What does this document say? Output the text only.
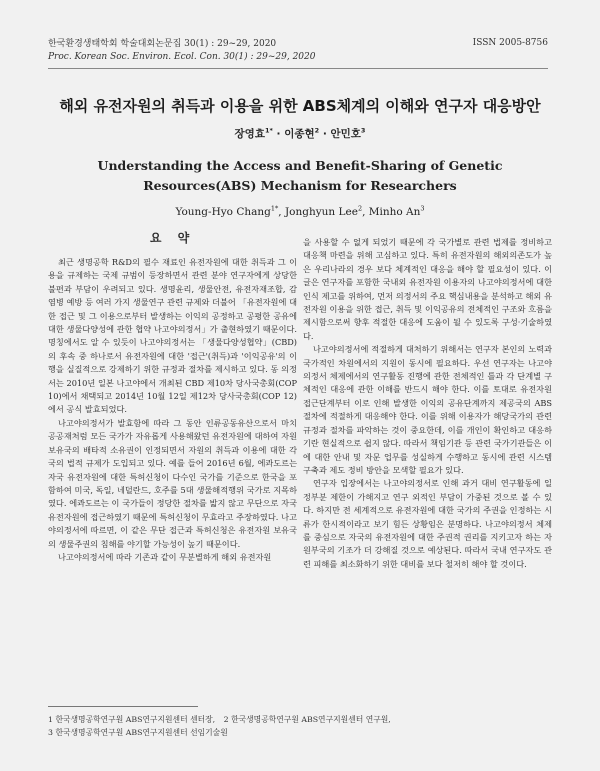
한국환경생태학회 학술대회논문집 30(1) : 29~29, 2020
Proc. Korean Soc. Environ. Ecol. Con. 30(1) : 29~29, 2020
ISSN 2005-8756
해외 유전자원의 취득과 이용을 위한 ABS체계의 이해와 연구자 대응방안
장영효$^{1*}$ · 이종현$^2$ · 안민호$^3$
Understanding the Access and Benefit-Sharing of Genetic Resources(ABS) Mechanism for Researchers
Young-Hyo Chang$^{1*}$, Jonghyun Lee$^2$, Minho An$^3$
요 약

최근 생명공학 R&D의 필수 재료인 유전자원에 대한 취득과 그 이용을 규제하는 국제 규범이 등장하면서 관련 분야 연구자에게 상당한 불편과 부담이 우려되고 있다. 생명윤리, 생물안전, 유전자재조합, 감염병 예방 등 여러 가지 생물연구 관련 규제와 더불어 「유전자원에 대한 접근 및 그 이용으로부터 발생하는 이익의 공정하고 공평한 공유에 대한 생물다양성에 관한 협약 나고야의정서」가 출현하였기 때문이다. 명칭에서도 알 수 있듯이 나고야의정서는 「생물다양성협약」(CBD)의 후속 중 하나로서 유전자원에 대한 '접근'(취득)과 '이익공유'의 이행을 실질적으로 강제하기 위한 규정과 절차를 제시하고 있다. 동 의정서는 2010년 일본 나고야에서 개최된 CBD 제10차 당사국총회(COP 10)에서 채택되고 2014년 10월 12일 제12차 당사국총회(COP 12)에서 공식 발효되었다.

나고야의정서가 발효함에 따라 그 동안 인류공동유산으로서 마치 공공재처럼 모든 국가가 자유롭게 사용해왔던 유전자원에 대하여 자원 보유국의 배타적 소유권이 인정되면서 자원의 취득과 이용에 대한 각국의 법적 규제가 도입되고 있다. 예를 들어 2016년 6월, 에콰도르는 자국 유전자원에 대한 특허신청이 다수인 국가를 기준으로 한국을 포함하여 미국, 독일, 네덜란드, 호주를 5대 생물해적행위 국가로 지목하였다. 에콰도르는 이 국가들이 정당한 절차를 밟지 않고 무단으로 자국 유전자원에 접근하였기 때문에 특허신청이 무효라고 주장하였다. 나고야의정서에 따르면, 이 같은 무단 접근과 특허신청은 유전자원 보유국의 생물주권의 침해를 야기할 가능성이 높기 때문이다.

나고야의정서에 따라 기존과 같이 무분별하게 해외 유전자원

을 사용할 수 없게 되었기 때문에 각 국가별로 관련 법제를 정비하고 대응책 마련을 위해 고심하고 있다. 특히 유전자원의 해외의존도가 높은 우리나라의 경우 보다 체계적인 대응을 해야 할 필요성이 있다. 이 글은 연구자를 포함한 국내외 유전자원 이용자의 나고야의정서에 대한 인식 제고를 위하여, 먼저 의정서의 주요 핵심내용을 분석하고 해외 유전자원 이용을 위한 접근, 취득 및 이익공유의 전체적인 구조와 흐름을 제시함으로써 향후 적절한 대응에 도움이 될 수 있도록 구성·기술하였다.

나고야의정서에 적절하게 대처하기 위해서는 연구자 본인의 노력과 국가적인 차원에서의 지원이 동시에 필요하다. 우선 연구자는 나고야의정서 체제에서의 연구활동 진행에 관한 전체적인 틀과 각 단계별 구체적인 대응에 관한 이해를 반드시 해야 한다. 이를 토대로 유전자원 접근단계부터 이로 인해 발생한 이익의 공유단계까지 제공국의 ABS절차에 적절하게 대응해야 한다. 이를 위해 이용자가 해당국가의 관련규정과 절차를 파악하는 것이 중요한데, 이를 개인이 확인하고 대응하기란 현실적으로 쉽지 않다. 따라서 책임기관 등 관련 국가기관들은 이에 대한 안내 및 자문 업무를 성실하게 수행하고 동시에 관련 시스템 구축과 제도 정비 방안을 모색할 필요가 있다.

연구자 입장에서는 나고야의정서로 인해 과거 대비 연구활동에 일정부분 제한이 가해지고 연구 외적인 부담이 가중된 것으로 볼 수 있다. 하지만 전 세계적으로 유전자원에 대한 국가의 주권을 인정하는 시류가 한시적이라고 보기 힘든 상황임은 분명하다. 나고야의정서 체제를 중심으로 자국의 유전자원에 대한 주권적 권리를 지키고자 하는 자원부국의 기조가 더 강해질 것으로 예상된다. 따라서 국내 연구자도 관련 피해를 최소화하기 위한 대비를 보다 철저히 해야 할 것이다.

1 한국생명공학연구원 ABS연구지원센터 센터장, 2 한국생명공학연구원 ABS연구지원센터 연구원,
3 한국생명공학연구원 ABS연구지원센터 선임기술원
